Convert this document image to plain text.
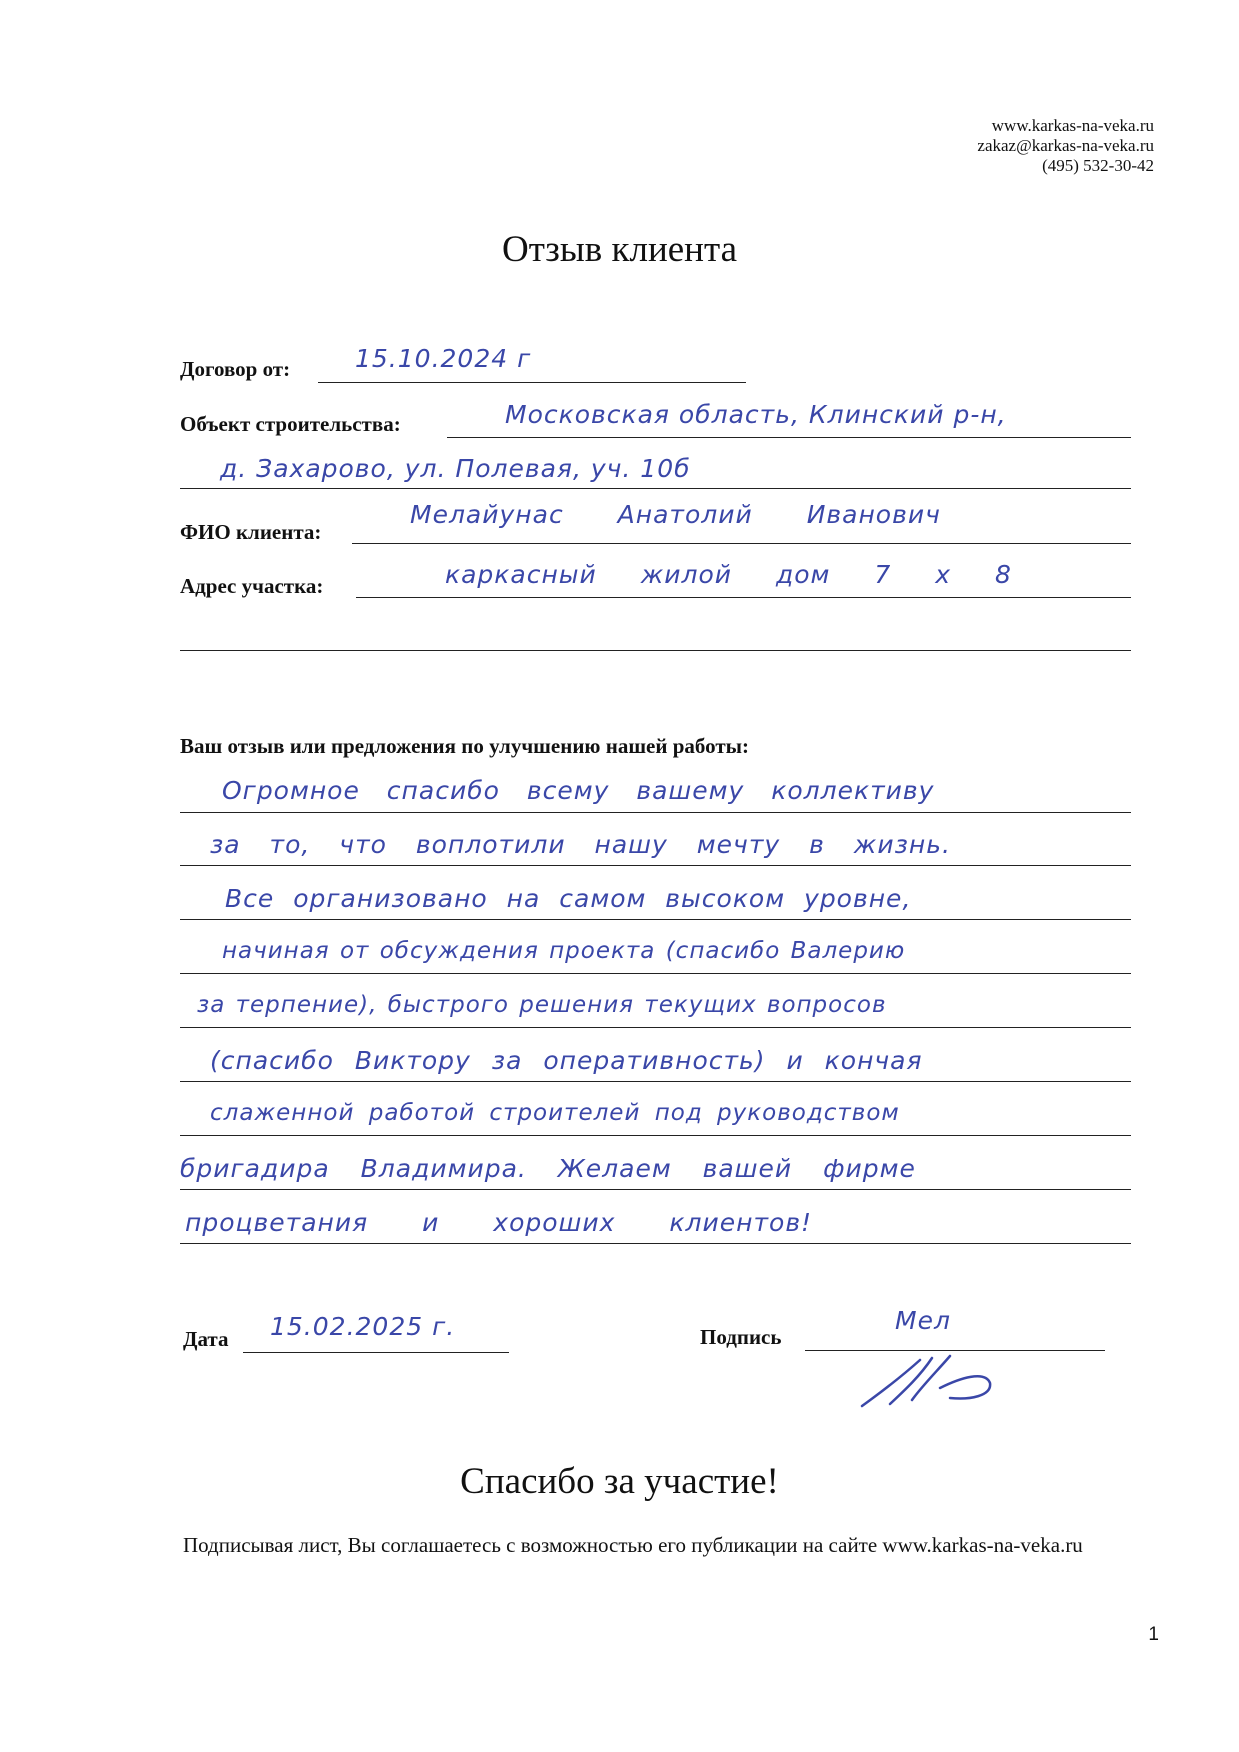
www.karkas-na-veka.ru
zakaz@karkas-na-veka.ru
(495) 532-30-42
Отзыв клиента
Договор от:	15.10.2024 г
Объект строительства:	Московская область, Клинский р-н,
д. Захарово, ул. Полевая, уч. 10б
ФИО клиента:
Мелайунас Анатолий Иванович
Адрес участка:	каркасный жилой дом 7 х 8
Ваш отзыв или предложения по улучшению нашей работы:
Огромное спасибо всему вашему коллективу
за то, что воплотили нашу мечту в жизнь.
Все организовано на самом высоком уровне,
начиная от обсуждения проекта (спасибо Валерию
за терпение), быстрого решения текущих вопросов
(спасибо Виктору за оперативность) и кончая
слаженной работой строителей под руководством
бригадира Владимира. Желаем вашей фирме
процветания и хороших клиентов!
Дата 15.02.2025 г.	Подпись
Мел
Спасибо за участие!
Подписывая лист, Вы соглашаетесь с возможностью его публикации на сайте www.karkas-na-veka.ru
1
